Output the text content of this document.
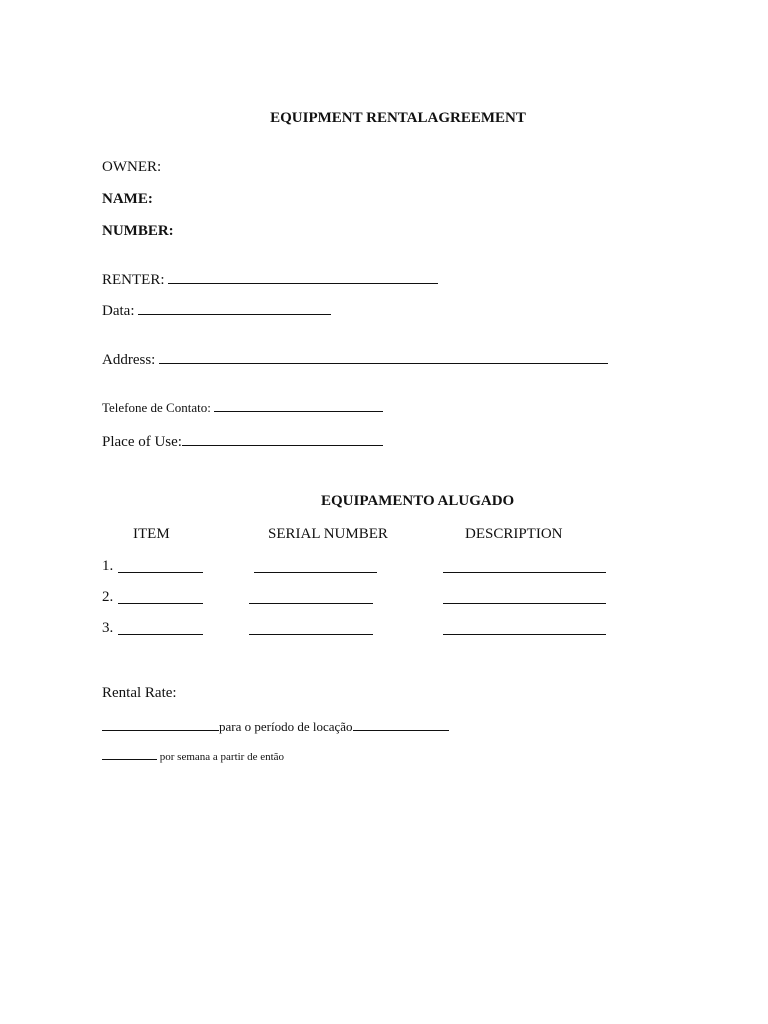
EQUIPMENT RENTALAGREEMENT
OWNER:
NAME:
NUMBER:
RENTER:
Data:
Address:
Telefone de Contato:
Place of Use:
EQUIPAMENTO ALUGADO
ITEM	SERIAL NUMBER	DESCRIPTION
1.
2.
3.
Rental Rate:
para o período de locação
por semana a partir de então
